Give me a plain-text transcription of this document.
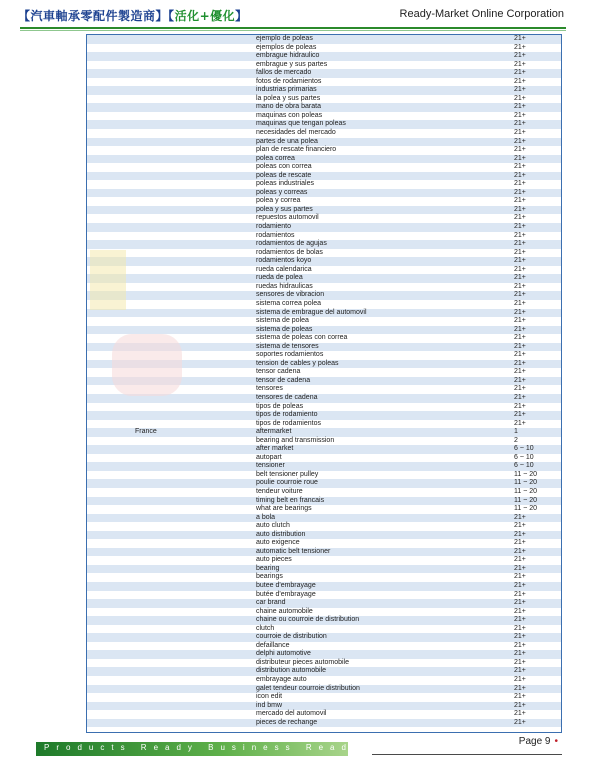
【汽車軸承零配件製造商】【活化+優化】	Ready-Market Online Corporation
ejemplo de poleas	21+
ejemplos de poleas	21+
embrague hidraulico	21+
embrague y sus partes	21+
fallos de mercado	21+
fotos de rodamientos	21+
industrias primarias	21+
la polea y sus partes	21+
mano de obra barata	21+
maquinas con poleas	21+
maquinas que tengan poleas	21+
necesidades del mercado	21+
partes de una polea	21+
plan de rescate financiero	21+
polea correa	21+
poleas con correa	21+
poleas de rescate	21+
poleas industriales	21+
poleas y correas	21+
polea y correa	21+
polea y sus partes	21+
repuestos automovil	21+
rodamiento	21+
rodamientos	21+
rodamientos de agujas	21+
rodamientos de bolas	21+
rodamientos koyo	21+
rueda calendarica	21+
rueda de polea	21+
ruedas hidraulicas	21+
sensores de vibracion	21+
sistema correa polea	21+
sistema de embrague del automovil	21+
sistema de polea	21+
sistema de poleas	21+
sistema de poleas con correa	21+
sistema de tensores	21+
soportes rodamientos	21+
tension de cables y poleas	21+
tensor cadena	21+
tensor de cadena	21+
tensores	21+
tensores de cadena	21+
tipos de poleas	21+
tipos de rodamiento	21+
tipos de rodamientos	21+
France	aftermarket	1
bearing and transmission	2
after market	6 ~ 10
autopart	6 ~ 10
tensioner	6 ~ 10
belt tensioner pulley	11 ~ 20
poulie courroie roue	11 ~ 20
tendeur voiture	11 ~ 20
timing belt en francais	11 ~ 20
what are bearings	11 ~ 20
a bola	21+
auto clutch	21+
auto distribution	21+
auto exigence	21+
automatic belt tensioner	21+
auto pieces	21+
bearing	21+
bearings	21+
butee d'embrayage	21+
butée d'embrayage	21+
car brand	21+
chaine automobile	21+
chaine ou courroie de distribution	21+
clutch	21+
courroie de distribution	21+
defaillance	21+
delphi automotive	21+
distributeur pieces automobile	21+
distribution automobile	21+
embrayage auto	21+
galet tendeur courroie distribution	21+
icon edit	21+
ind bmw	21+
mercado del automovil	21+
pieces de rechange	21+
Page 9 •
Products Ready Business Ready
